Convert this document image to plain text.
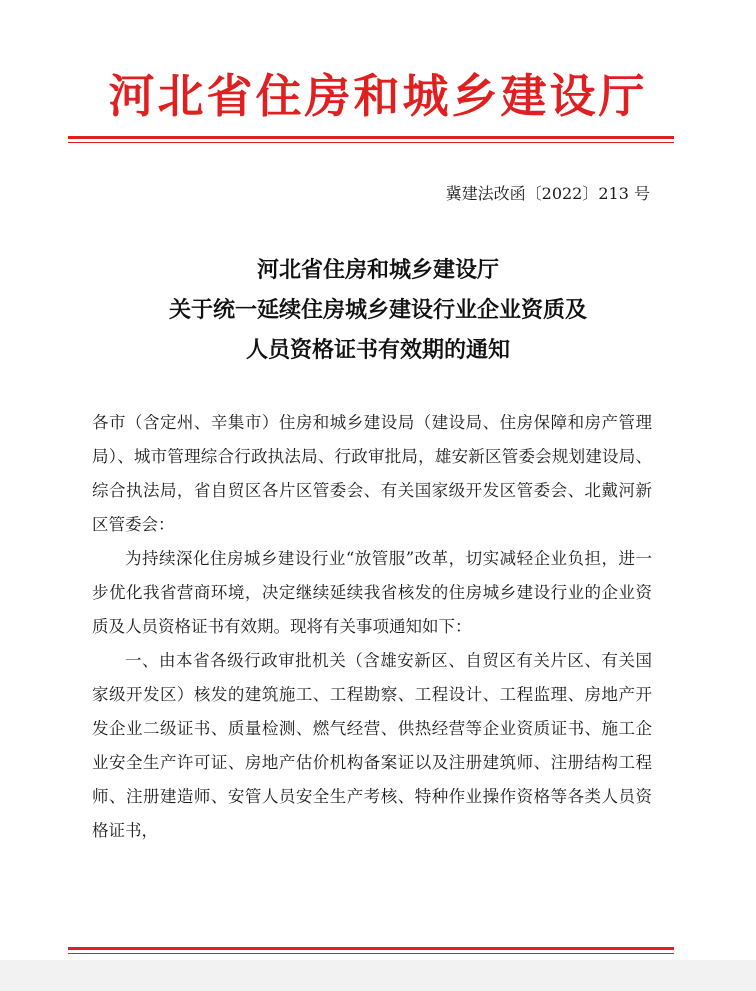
河北省住房和城乡建设厅
冀建法改函〔2022〕213 号
河北省住房和城乡建设厅
关于统一延续住房城乡建设行业企业资质及
人员资格证书有效期的通知

各市（含定州、辛集市）住房和城乡建设局（建设局、住房保障和房产管理局）、城市管理综合行政执法局、行政审批局，雄安新区管委会规划建设局、综合执法局，省自贸区各片区管委会、有关国家级开发区管委会、北戴河新区管委会：

为持续深化住房城乡建设行业“放管服”改革，切实减轻企业负担，进一步优化我省营商环境，决定继续延续我省核发的住房城乡建设行业的企业资质及人员资格证书有效期。现将有关事项通知如下：

一、由本省各级行政审批机关（含雄安新区、自贸区有关片区、有关国家级开发区）核发的建筑施工、工程勘察、工程设计、工程监理、房地产开发企业二级证书、质量检测、燃气经营、供热经营等企业资质证书、施工企业安全生产许可证、房地产估价机构备案证以及注册建筑师、注册结构工程师、注册建造师、安管人员安全生产考核、特种作业操作资格等各类人员资格证书，
